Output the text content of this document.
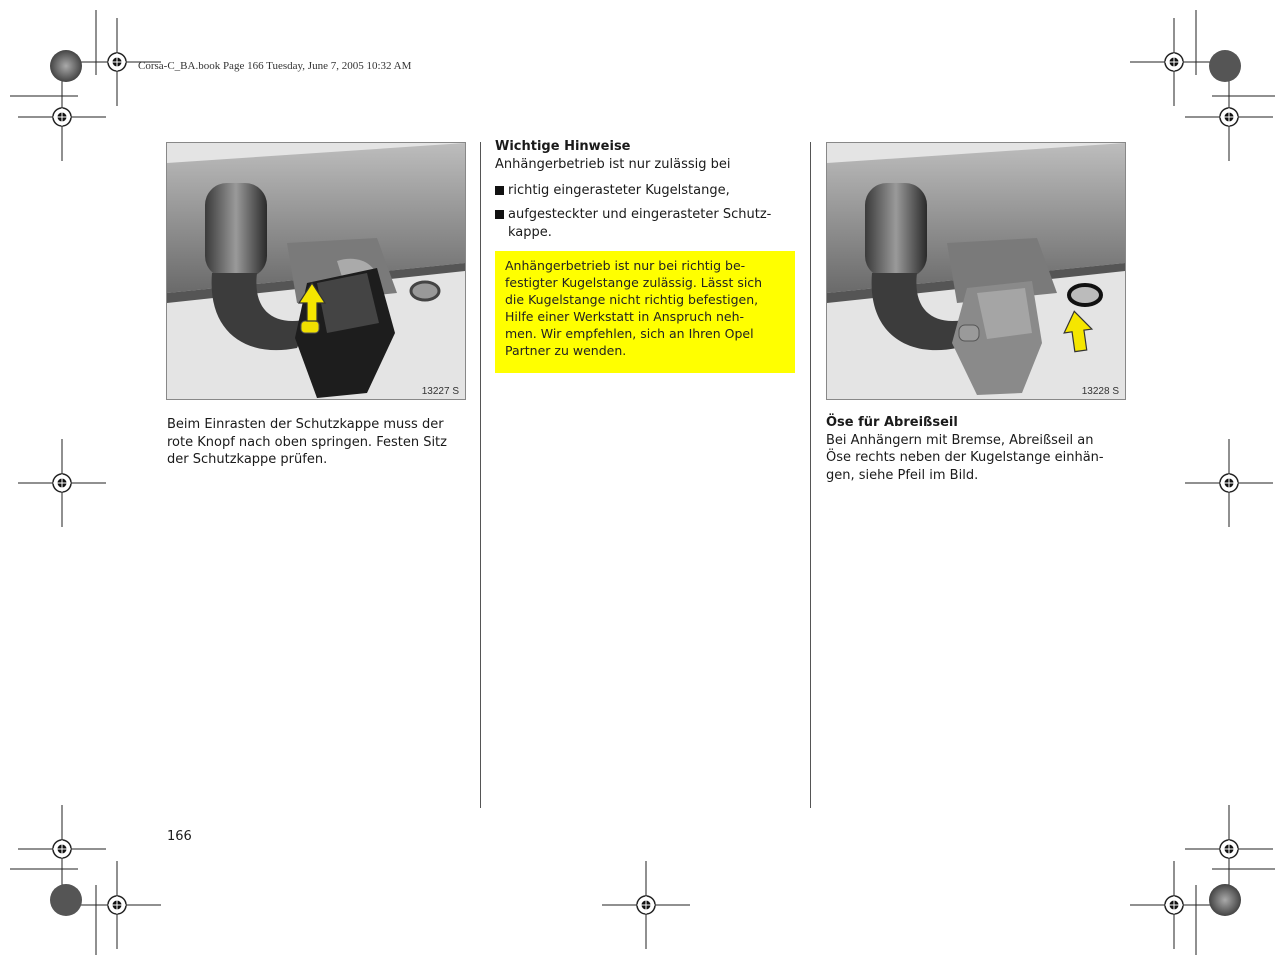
Corsa-C_BA.book Page 166 Tuesday, June 7, 2005 10:32 AM
13227 S
Beim Einrasten der Schutzkappe muss der
rote Knopf nach oben springen. Festen Sitz
der Schutzkappe prüfen.
Wichtige Hinweise
Anhängerbetrieb ist nur zulässig bei
richtig eingerasteter Kugelstange,
aufgesteckter und eingerasteter Schutz-
kappe.
Anhängerbetrieb ist nur bei richtig be-
festigter Kugelstange zulässig. Lässt sich
die Kugelstange nicht richtig befestigen,
Hilfe einer Werkstatt in Anspruch neh-
men. Wir empfehlen, sich an Ihren Opel
Partner zu wenden.
13228 S
Öse für Abreißseil
Bei Anhängern mit Bremse, Abreißseil an
Öse rechts neben der Kugelstange einhän-
gen, siehe Pfeil im Bild.
166
